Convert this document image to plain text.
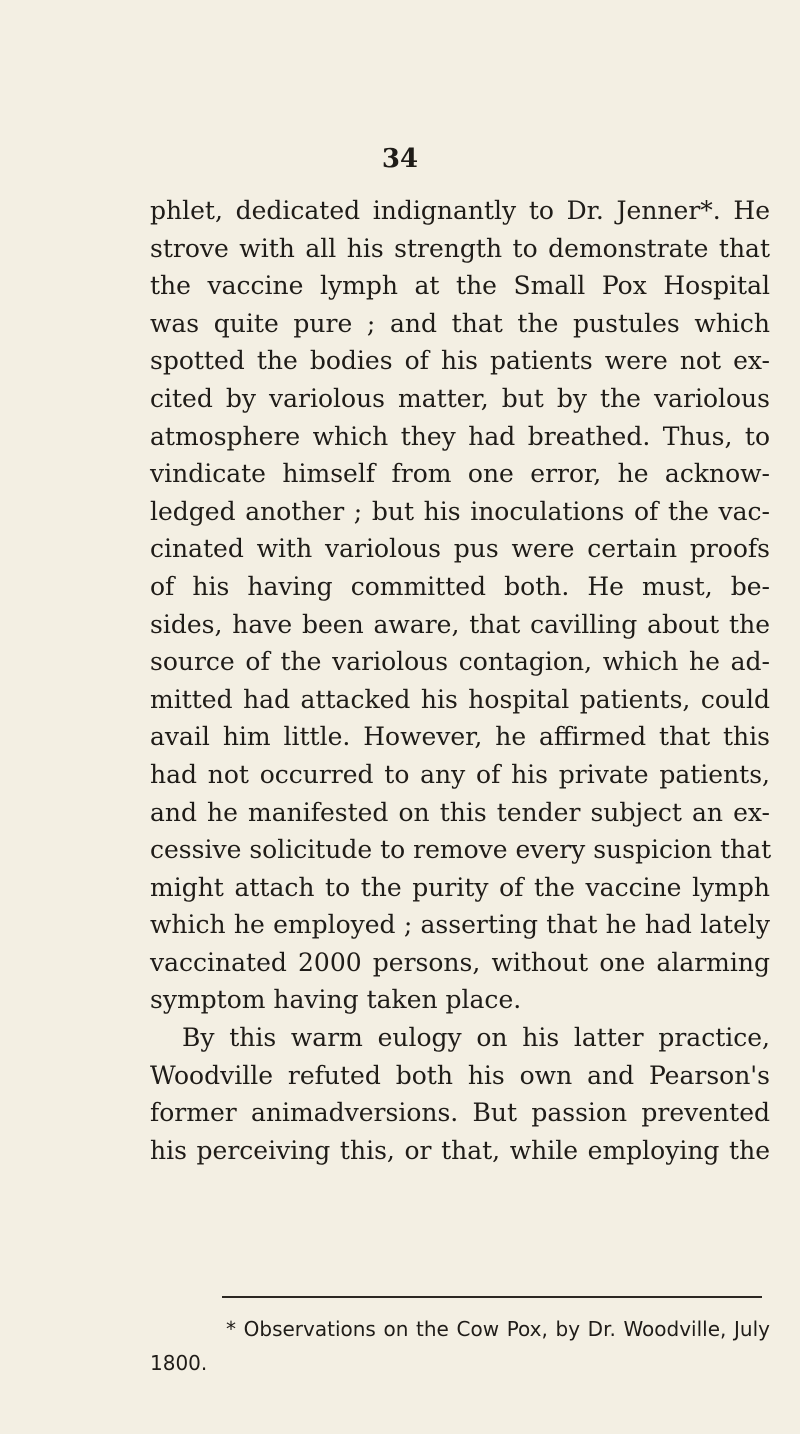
34
phlet, dedicated indignantly to Dr. Jenner*. He
strove with all his strength to demonstrate that
the vaccine lymph at the Small Pox Hospital
was quite pure ; and that the pustules which
spotted the bodies of his patients were not ex-
cited by variolous matter, but by the variolous
atmosphere which they had breathed. Thus, to
vindicate himself from one error, he acknow-
ledged another ; but his inoculations of the vac-
cinated with variolous pus were certain proofs
of his having committed both. He must, be-
sides, have been aware, that cavilling about the
source of the variolous contagion, which he ad-
mitted had attacked his hospital patients, could
avail him little. However, he affirmed that this
had not occurred to any of his private patients,
and he manifested on this tender subject an ex-
cessive solicitude to remove every suspicion that
might attach to the purity of the vaccine lymph
which he employed ; asserting that he had lately
vaccinated 2000 persons, without one alarming
symptom having taken place.
By this warm eulogy on his latter practice,
Woodville refuted both his own and Pearson's
former animadversions. But passion prevented
his perceiving this, or that, while employing the
* Observations on the Cow Pox, by Dr. Woodville, July
1800.
